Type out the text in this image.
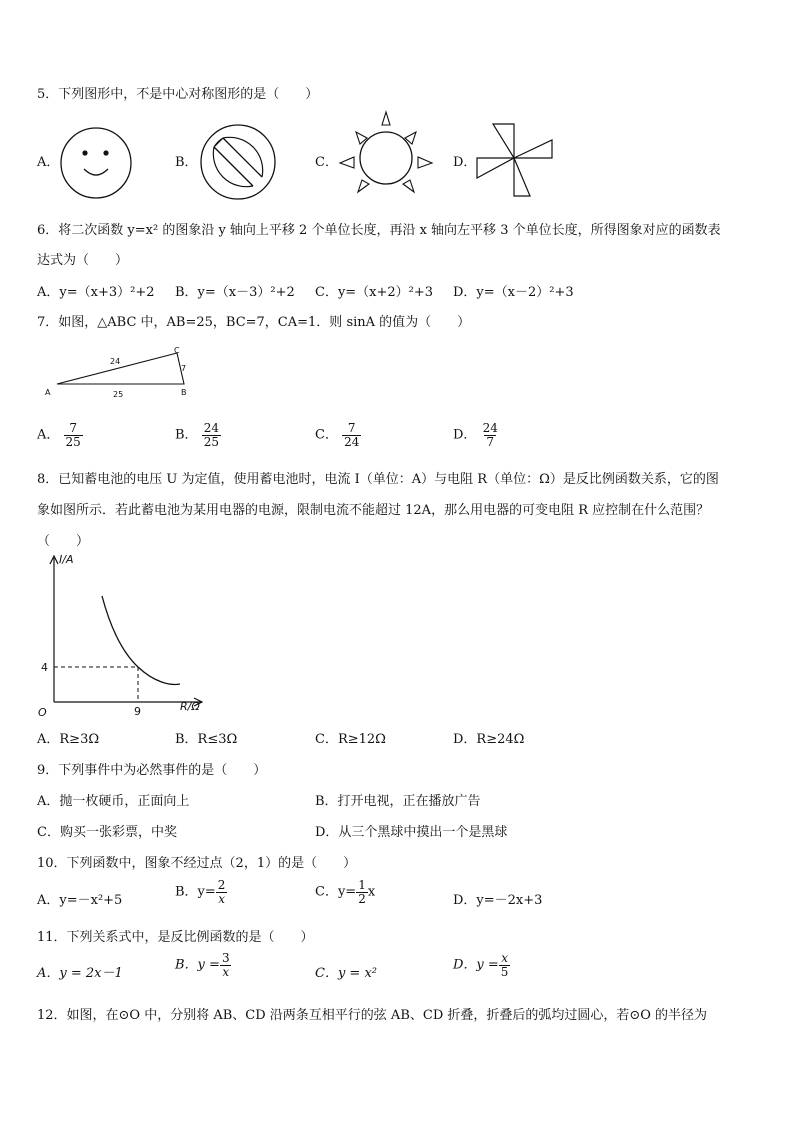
5．下列图形中，不是中心对称图形的是（　　）
A．	B．	C．	D．
6．将二次函数 y=x² 的图象沿 y 轴向上平移 2 个单位长度，再沿 x 轴向左平移 3 个单位长度，所得图象对应的函数表
达式为（　　）
A．y=（x+3）²+2 B．y=（x－3）²+2 C．y=（x+2）²+3 D．y=（x－2）²+3
7．如图，△ABC 中，AB=25，BC=7，CA=1．则 sinA 的值为（　　）
A	B
C
24
7
25
A． $\frac{7}{25}$	B． $\frac{24}{25}$	C． $\frac{7}{24}$	D． $\frac{24}{7}$
8．已知蓄电池的电压 U 为定值，使用蓄电池时，电流 I（单位：A）与电阻 R（单位：Ω）是反比例函数关系，它的图
象如图所示．若此蓄电池为某用电器的电源，限制电流不能超过 12A，那么用电器的可变电阻 R 应控制在什么范围？
（　　）
I/A
R/Ω
O
4
9
A．R≥3Ω	B．R≤3Ω	C．R≥12Ω	D．R≥24Ω
9．下列事件中为必然事件的是（　　）
A．抛一枚硬币，正面向上	B．打开电视，正在播放广告
C．购买一张彩票，中奖	D．从三个黑球中摸出一个是黑球
10．下列函数中，图象不经过点（2，1）的是（　　）
A．y=－x²+5
B．$y= \frac{2}{x}$	C．$y= \frac{1}{2}$ x
D．y=－2x+3
11．下列关系式中，是反比例函数的是（　　）
A．y = 2x－1
B．$y = \frac{3}{x}$	C．y = x²
D．$y = \frac{x}{5}$
12．如图，在⊙O 中，分别将 AB、CD 沿两条互相平行的弦 AB、CD 折叠，折叠后的弧均过圆心，若⊙O 的半径为
